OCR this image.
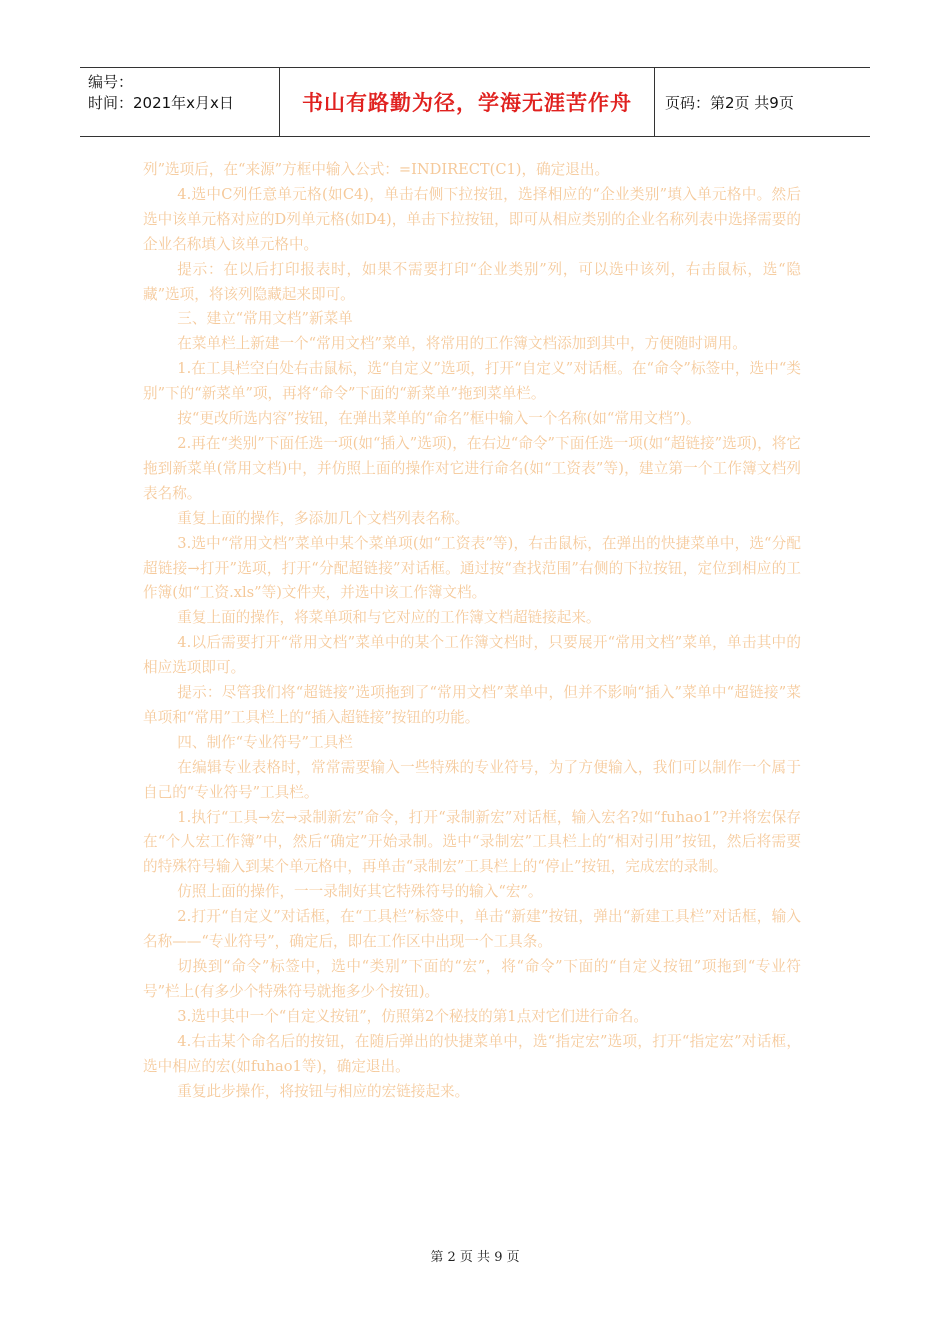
编号：
时间：2021年x月x日	书山有路勤为径，学海无涯苦作舟	页码：第2页 共9页

列”选项后，在“来源”方框中输入公式：=INDIRECT(C1)，确定退出。

4.选中C列任意单元格(如C4)，单击右侧下拉按钮，选择相应的“企业类别”填入单元格中。然后选中该单元格对应的D列单元格(如D4)，单击下拉按钮，即可从相应类别的企业名称列表中选择需要的企业名称填入该单元格中。

提示：在以后打印报表时，如果不需要打印“企业类别”列，可以选中该列，右击鼠标，选“隐藏”选项，将该列隐藏起来即可。

三、建立“常用文档”新菜单

在菜单栏上新建一个“常用文档”菜单，将常用的工作簿文档添加到其中，方便随时调用。

1.在工具栏空白处右击鼠标，选“自定义”选项，打开“自定义”对话框。在“命令”标签中，选中“类别”下的“新菜单”项，再将“命令”下面的“新菜单”拖到菜单栏。

按“更改所选内容”按钮，在弹出菜单的“命名”框中输入一个名称(如“常用文档”)。

2.再在“类别”下面任选一项(如“插入”选项)，在右边“命令”下面任选一项(如“超链接”选项)，将它拖到新菜单(常用文档)中，并仿照上面的操作对它进行命名(如“工资表”等)，建立第一个工作簿文档列表名称。

重复上面的操作，多添加几个文档列表名称。

3.选中“常用文档”菜单中某个菜单项(如“工资表”等)，右击鼠标，在弹出的快捷菜单中，选“分配超链接→打开”选项，打开“分配超链接”对话框。通过按“查找范围”右侧的下拉按钮，定位到相应的工作簿(如“工资.xls”等)文件夹，并选中该工作簿文档。

重复上面的操作，将菜单项和与它对应的工作簿文档超链接起来。

4.以后需要打开“常用文档”菜单中的某个工作簿文档时，只要展开“常用文档”菜单，单击其中的相应选项即可。

提示：尽管我们将“超链接”选项拖到了“常用文档”菜单中，但并不影响“插入”菜单中“超链接”菜单项和“常用”工具栏上的“插入超链接”按钮的功能。

四、制作“专业符号”工具栏

在编辑专业表格时，常常需要输入一些特殊的专业符号，为了方便输入，我们可以制作一个属于自己的“专业符号”工具栏。

1.执行“工具→宏→录制新宏”命令，打开“录制新宏”对话框，输入宏名?如“fuhao1”?并将宏保存在“个人宏工作簿”中，然后“确定”开始录制。选中“录制宏”工具栏上的“相对引用”按钮，然后将需要的特殊符号输入到某个单元格中，再单击“录制宏”工具栏上的“停止”按钮，完成宏的录制。

仿照上面的操作，一一录制好其它特殊符号的输入“宏”。

2.打开“自定义”对话框，在“工具栏”标签中，单击“新建”按钮，弹出“新建工具栏”对话框，输入名称——“专业符号”，确定后，即在工作区中出现一个工具条。

切换到“命令”标签中，选中“类别”下面的“宏”，将“命令”下面的“自定义按钮”项拖到“专业符号”栏上(有多少个特殊符号就拖多少个按钮)。

3.选中其中一个“自定义按钮”，仿照第2个秘技的第1点对它们进行命名。

4.右击某个命名后的按钮，在随后弹出的快捷菜单中，选“指定宏”选项，打开“指定宏”对话框，选中相应的宏(如fuhao1等)，确定退出。

重复此步操作，将按钮与相应的宏链接起来。

第 2 页 共 9 页
